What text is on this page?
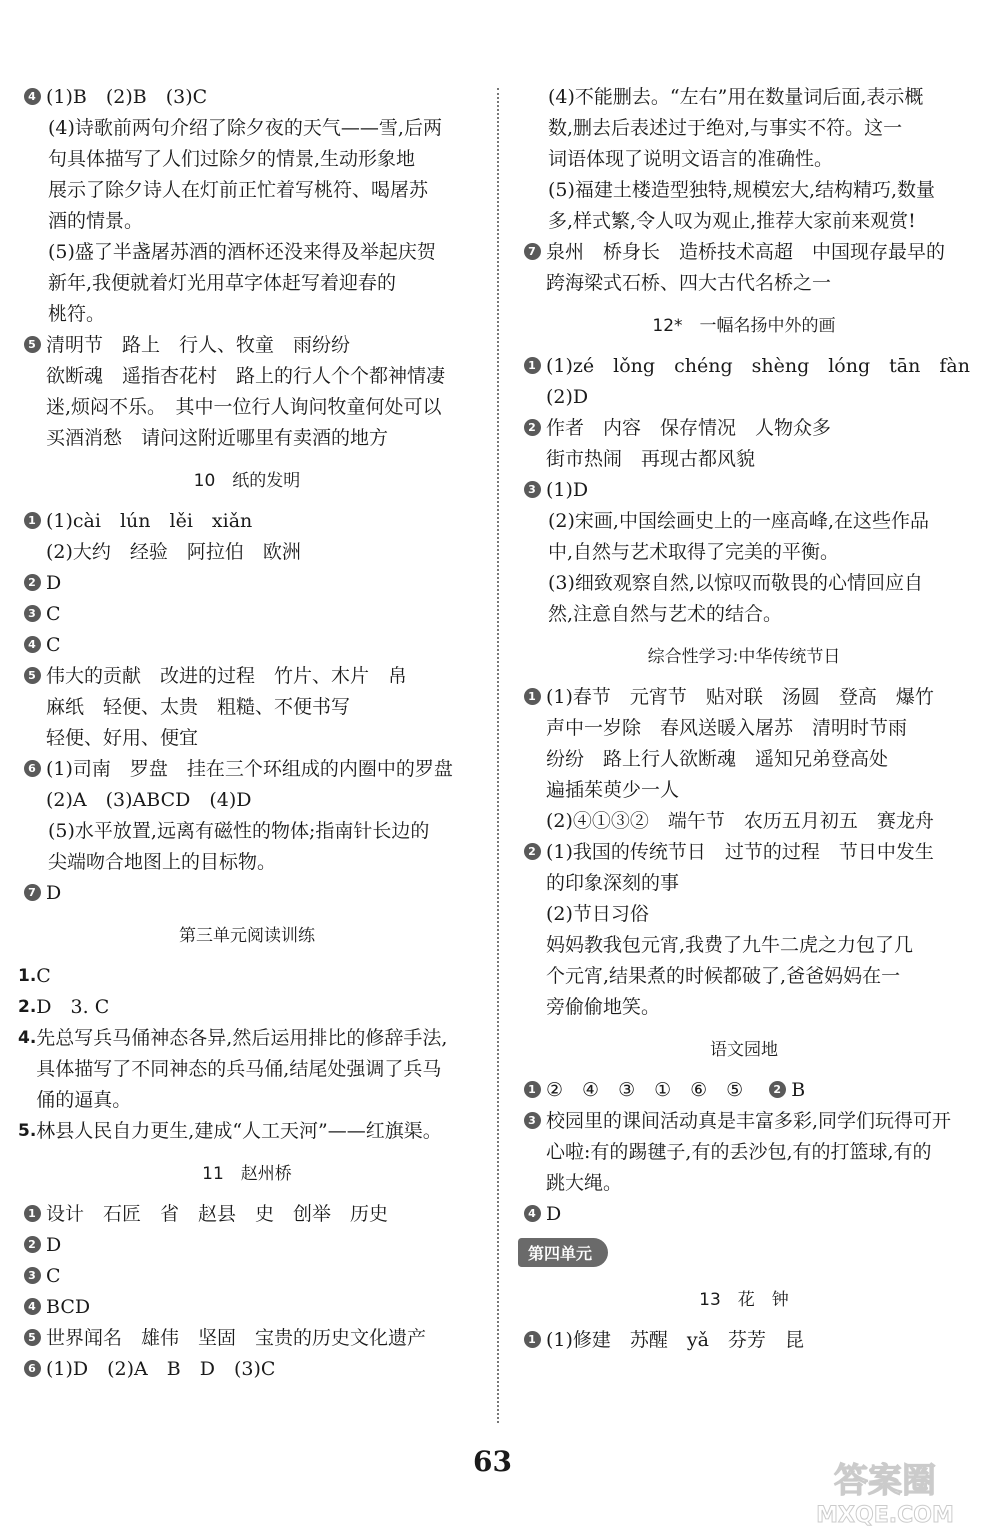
4 (1)B　(2)B　(3)C

(4)诗歌前两句介绍了除夕夜的天气——雪,后两

句具体描写了人们过除夕的情景,生动形象地

展示了除夕诗人在灯前正忙着写桃符、喝屠苏

酒的情景。

(5)盛了半盏屠苏酒的酒杯还没来得及举起庆贺

新年,我便就着灯光用草字体赶写着迎春的

桃符。

5 清明节　路上　行人、牧童　雨纷纷

欲断魂　遥指杏花村　路上的行人个个都神情凄

迷,烦闷不乐。　其中一位行人询问牧童何处可以

买酒消愁　请问这附近哪里有卖酒的地方

10　纸的发明
1 (1)cài　lún　lěi　xiǎn

(2)大约　经验　阿拉伯　欧洲

2 D

3 C

4 C

5 伟大的贡献　改进的过程　竹片、木片　帛

麻纸　轻便、太贵　粗糙、不便书写

轻便、好用、便宜

6 (1)司南　罗盘　挂在三个环组成的内圈中的罗盘

(2)A　(3)ABCD　(4)D

(5)水平放置,远离有磁性的物体;指南针长边的

尖端吻合地图上的目标物。

7 D

第三单元阅读训练
1. C

2. D　3. C

4. 先总写兵马俑神态各异,然后运用排比的修辞手法,

具体描写了不同神态的兵马俑,结尾处强调了兵马

俑的逼真。

5. 林县人民自力更生,建成“人工天河”——红旗渠。

11　赵州桥
1 设计　石匠　省　赵县　史　创举　历史

2 D

3 C

4 BCD

5 世界闻名　雄伟　坚固　宝贵的历史文化遗产

6 (1)D　(2)A　B　D　(3)C

(4)不能删去。“左右”用在数量词后面,表示概

数,删去后表述过于绝对,与事实不符。这一

词语体现了说明文语言的准确性。

(5)福建土楼造型独特,规模宏大,结构精巧,数量

多,样式繁,令人叹为观止,推荐大家前来观赏!

7 泉州　桥身长　造桥技术高超　中国现存最早的

跨海梁式石桥、四大古代名桥之一

12*　一幅名扬中外的画
1 (1)zé　lǒng　chéng　shèng　lóng　tān　fàn

(2)D

2 作者　内容　保存情况　人物众多

街市热闹　再现古都风貌

3 (1)D

(2)宋画,中国绘画史上的一座高峰,在这些作品

中,自然与艺术取得了完美的平衡。

(3)细致观察自然,以惊叹而敬畏的心情回应自

然,注意自然与艺术的结合。

综合性学习:中华传统节日
1 (1)春节　元宵节　贴对联　汤圆　登高　爆竹

声中一岁除　春风送暖入屠苏　清明时节雨

纷纷　路上行人欲断魂　遥知兄弟登高处

遍插茱萸少一人

(2)④①③②　端午节　农历五月初五　赛龙舟

2 (1)我国的传统节日　过节的过程　节日中发生

的印象深刻的事

(2)节日习俗

妈妈教我包元宵,我费了九牛二虎之力包了几

个元宵,结果煮的时候都破了,爸爸妈妈在一

旁偷偷地笑。

语文园地
1 ②　④　③　①　⑥　⑤	2 B
3 校园里的课间活动真是丰富多彩,同学们玩得可开

心啦:有的踢毽子,有的丢沙包,有的打篮球,有的

跳大绳。

4 D

第四单元
13　花　钟
1 (1)修建　苏醒　yǎ　芬芳　昆

63	答案圈
MXQE.COM
